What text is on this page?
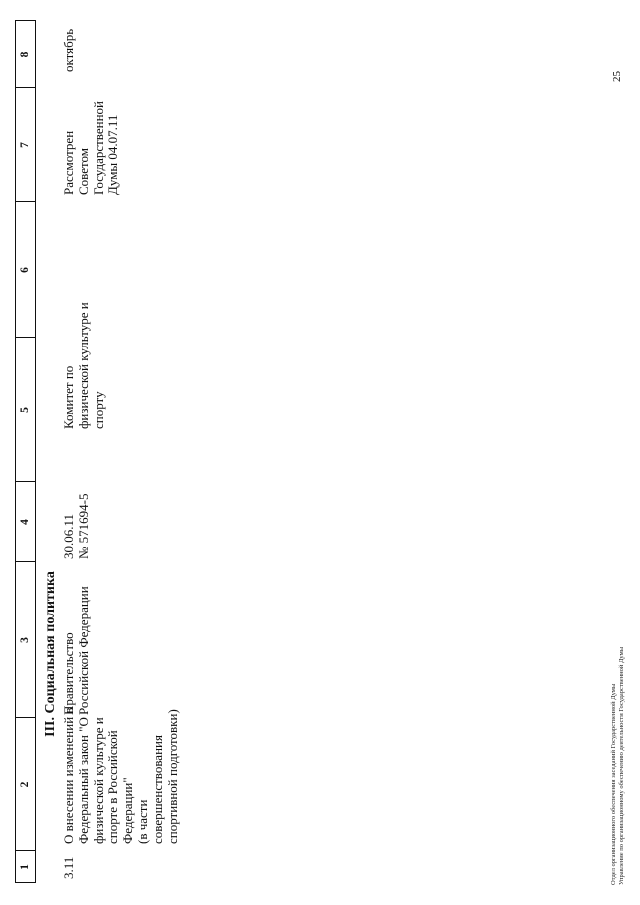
1
2
3
4
5
6
7
8
III. Социальная политика
3.11
О внесении изменений в Федеральный закон "О физической культуре и спорте в Российской Федерации" (в части совершенствования спортивной подготовки)
Правительство Российской Федерации
30.06.11 № 571694-5
Комитет по физической культуре и спорту
Рассмотрен Советом Государственной Думы 04.07.11
октябрь
25
Отдел организационного обеспечения заседаний Государственной Думы Управление по организационному обеспечению деятельности Государственной Думы
